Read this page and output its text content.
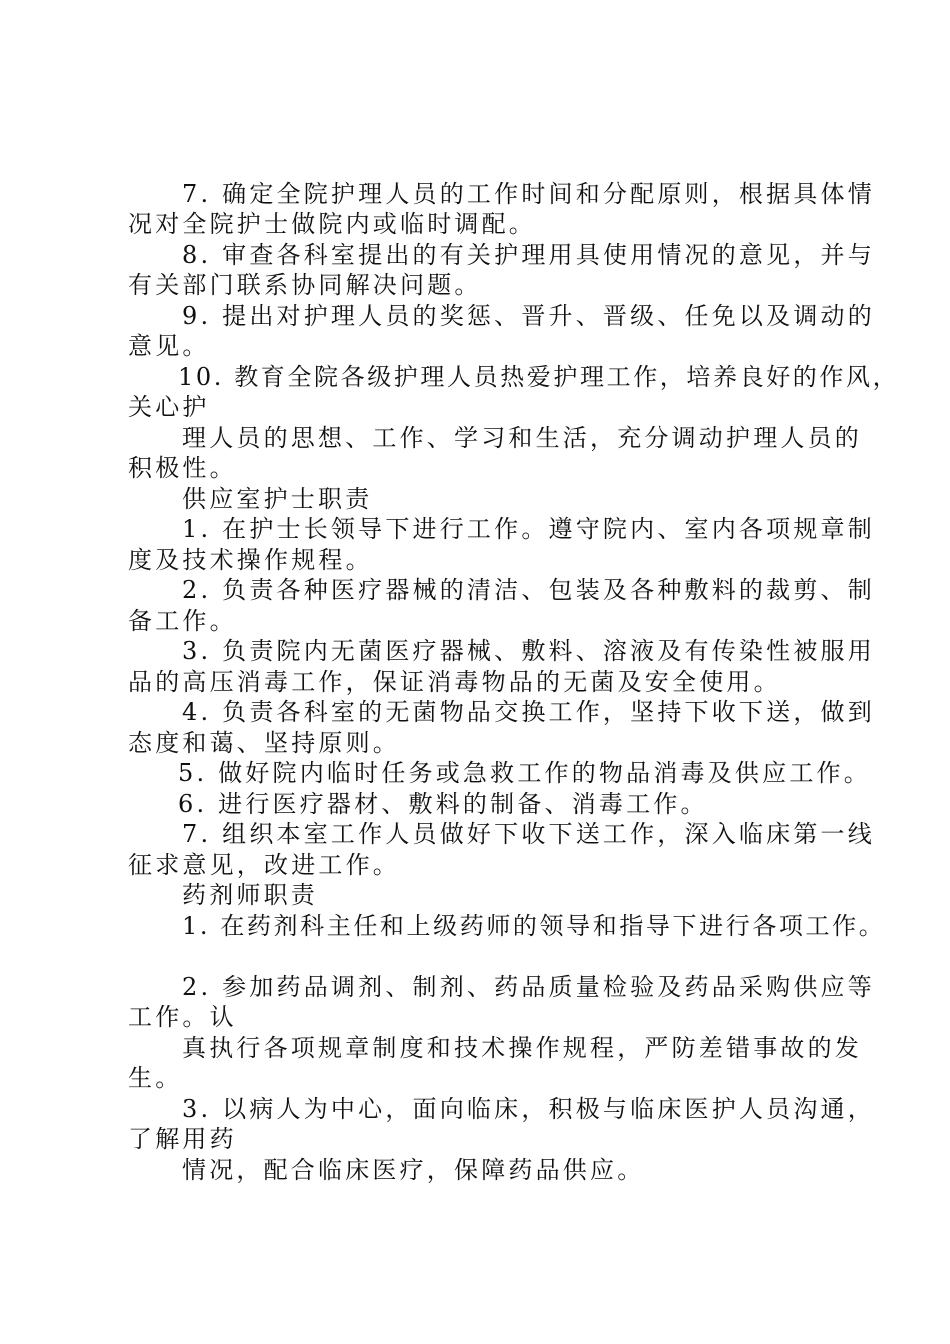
7. 确定全院护理人员的工作时间和分配原则，根据具体情
况对全院护士做院内或临时调配。
8. 审查各科室提出的有关护理用具使用情况的意见，并与
有关部门联系协同解决问题。
9. 提出对护理人员的奖惩、晋升、晋级、任免以及调动的
意见。
10. 教育全院各级护理人员热爱护理工作，培养良好的作风，
关心护
理人员的思想、工作、学习和生活，充分调动护理人员的
积极性。
供应室护士职责
1. 在护士长领导下进行工作。遵守院内、室内各项规章制
度及技术操作规程。
2. 负责各种医疗器械的清洁、包装及各种敷料的裁剪、制
备工作。
3. 负责院内无菌医疗器械、敷料、溶液及有传染性被服用
品的高压消毒工作，保证消毒物品的无菌及安全使用。
4. 负责各科室的无菌物品交换工作，坚持下收下送，做到
态度和蔼、坚持原则。
5. 做好院内临时任务或急救工作的物品消毒及供应工作。
6. 进行医疗器材、敷料的制备、消毒工作。
7. 组织本室工作人员做好下收下送工作，深入临床第一线
征求意见，改进工作。
药剂师职责
1. 在药剂科主任和上级药师的领导和指导下进行各项工作。
2. 参加药品调剂、制剂、药品质量检验及药品采购供应等
工作。认
真执行各项规章制度和技术操作规程，严防差错事故的发
生。
3. 以病人为中心，面向临床，积极与临床医护人员沟通，
了解用药
情况，配合临床医疗，保障药品供应。
